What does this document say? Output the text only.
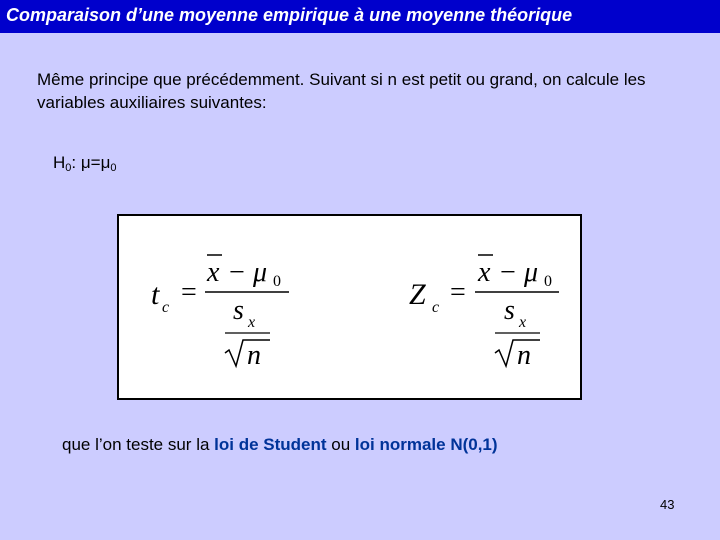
Comparaison d’une moyenne empirique à une moyenne théorique
Même principe que précédemment. Suivant si n est petit ou grand, on calcule les variables auxiliaires suivantes:
$H_0$: $\mu=\mu_0$
t c =
x − μ 0
s x
n
Z c =
x − μ 0
s x
n
que l’on teste sur la loi de Student ou loi normale N(0,1)
43
